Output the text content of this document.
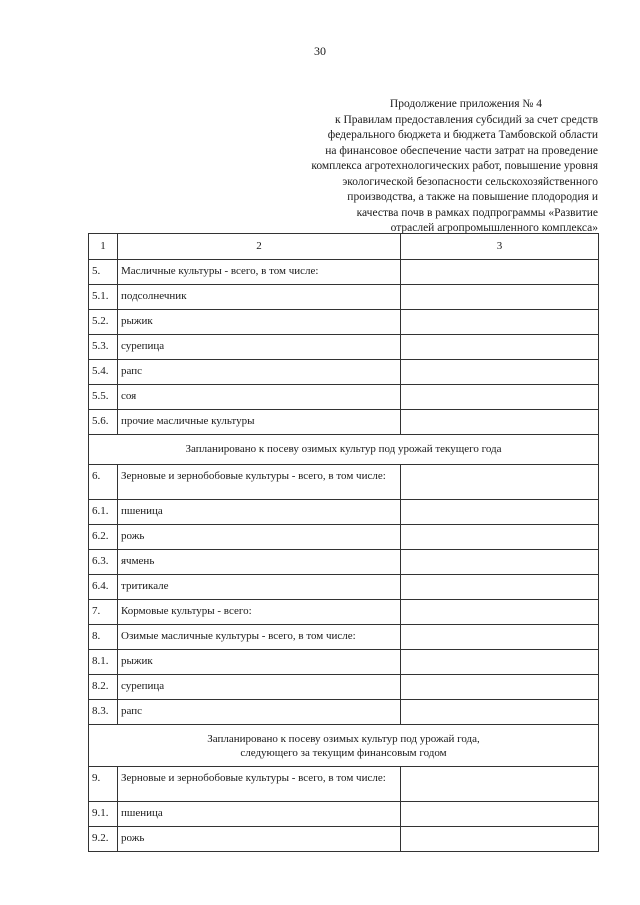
30
Продолжение приложения № 4
к Правилам предоставления субсидий за счет средств
федерального бюджета и бюджета Тамбовской области
на финансовое обеспечение части затрат на проведение
комплекса агротехнологических работ, повышение уровня
экологической безопасности сельскохозяйственного
производства, а также на повышение плодородия и
качества почв в рамках подпрограммы «Развитие
отраслей агропромышленного комплекса»
1	2	3
5.	Масличные культуры - всего, в том числе:	
5.1.	подсолнечник	
5.2.	рыжик	
5.3.	сурепица	
5.4.	рапс	
5.5.	соя	
5.6.	прочие масличные культуры	
Запланировано к посеву озимых культур под урожай текущего года		
6.	Зерновые и зернобобовые культуры - всего, в том числе:	
6.1.	пшеница	
6.2.	рожь	
6.3.	ячмень	
6.4.	тритикале	
7.	Кормовые культуры - всего:	
8.	Озимые масличные культуры - всего, в том числе:	
8.1.	рыжик	
8.2.	сурепица	
8.3.	рапс	

Запланировано к посеву озимых культур под урожай года,
следующего за текущим финансовым годом		

9.	Зерновые и зернобобовые культуры - всего, в том числе:	
9.1.	пшеница	
9.2.	рожь	
